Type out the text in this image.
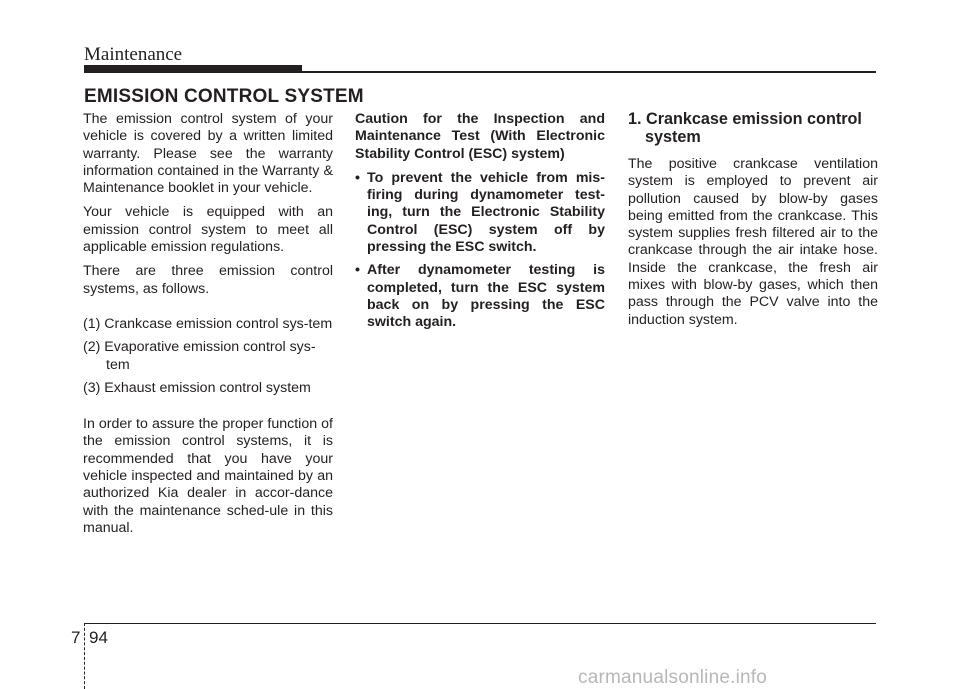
Maintenance
EMISSION CONTROL SYSTEM

The emission control system of your vehicle is covered by a written limited warranty. Please see the warranty information contained in the Warranty & Maintenance booklet in your vehicle.

Your vehicle is equipped with an emission control system to meet all applicable emission regulations.

There are three emission control systems, as follows.

(1) Crankcase emission control sys-tem

(2) Evaporative emission control sys-tem

(3) Exhaust emission control system

In order to assure the proper function of the emission control systems, it is recommended that you have your vehicle inspected and maintained by an authorized Kia dealer in accor-dance with the maintenance sched-ule in this manual.

Caution for the Inspection and Maintenance Test (With Electronic Stability Control (ESC) system)

• To prevent the vehicle from mis-firing during dynamometer test-ing, turn the Electronic Stability Control (ESC) system off by pressing the ESC switch.
• After dynamometer testing is completed, turn the ESC system back on by pressing the ESC switch again.
1. Crankcase emission control system

The positive crankcase ventilation system is employed to prevent air pollution caused by blow-by gases being emitted from the crankcase. This system supplies fresh filtered air to the crankcase through the air intake hose. Inside the crankcase, the fresh air mixes with blow-by gases, which then pass through the PCV valve into the induction system.

7 94
carmanualsonline.info
